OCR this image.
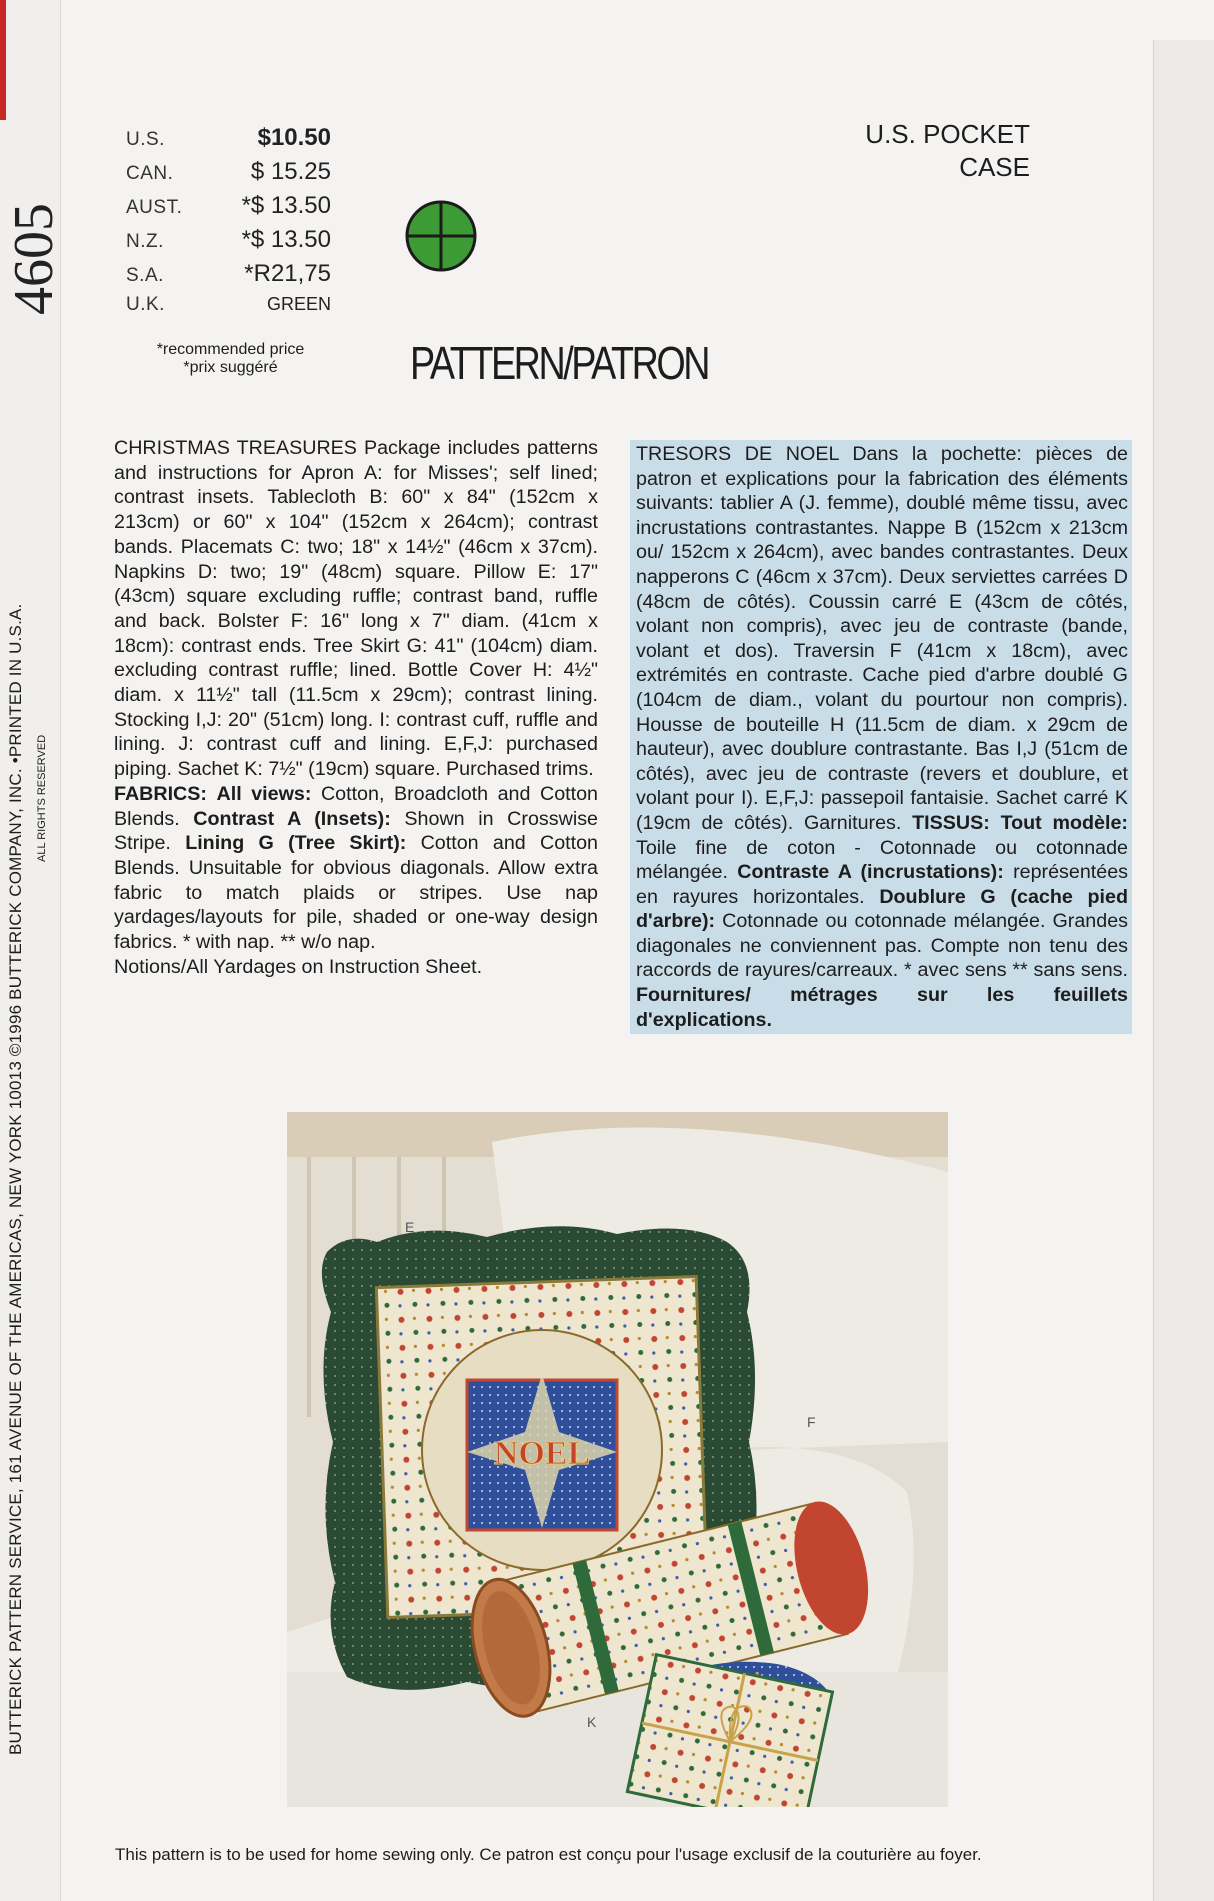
4605
BUTTERICK PATTERN SERVICE, 161 AVENUE OF THE AMERICAS, NEW YORK 10013 ©1996 BUTTERICK COMPANY, INC. •PRINTED IN U.S.A. ALL RIGHTS RESERVED
U.S.	$10.50
CAN.	$ 15.25
AUST. *$ 13.50
N.Z.	*$ 13.50
S.A.	*R21,75
U.K.	GREEN
*recommended price
*prix suggéré	PATTERN/PATRON
U.S. POCKET
CASE

CHRISTMAS TREASURES Package includes patterns and instructions for Apron A: for Misses'; self lined; contrast insets. Tablecloth B: 60" x 84" (152cm x 213cm) or 60" x 104" (152cm x 264cm); contrast bands. Placemats C: two; 18" x 14½" (46cm x 37cm). Napkins D: two; 19" (48cm) square. Pillow E: 17" (43cm) square excluding ruffle; contrast band, ruffle and back. Bolster F: 16" long x 7" diam. (41cm x 18cm): contrast ends. Tree Skirt G: 41" (104cm) diam. excluding contrast ruffle; lined. Bottle Cover H: 4½" diam. x 11½" tall (11.5cm x 29cm); contrast lining. Stocking I,J: 20" (51cm) long. I: contrast cuff, ruffle and lining. J: contrast cuff and lining. E,F,J: purchased piping. Sachet K: 7½" (19cm) square. Purchased trims.

FABRICS: All views: Cotton, Broadcloth and Cotton Blends. Contrast A (Insets): Shown in Crosswise Stripe. Lining G (Tree Skirt): Cotton and Cotton Blends. Unsuitable for obvious diagonals. Allow extra fabric to match plaids or stripes. Use nap yardages/layouts for pile, shaded or one-way design fabrics. * with nap. ** w/o nap.

Notions/All Yardages on Instruction Sheet.

TRESORS DE NOEL Dans la pochette: pièces de patron et explications pour la fabrication des éléments suivants: tablier A (J. femme), doublé même tissu, avec incrustations contrastantes. Nappe B (152cm x 213cm ou/ 152cm x 264cm), avec bandes contrastantes. Deux napperons C (46cm x 37cm). Deux serviettes carrées D (48cm de côtés). Coussin carré E (43cm de côtés, volant non compris), avec jeu de contraste (bande, volant et dos). Traversin F (41cm x 18cm), avec extrémités en contraste. Cache pied d'arbre doublé G (104cm de diam., volant du pourtour non compris). Housse de bouteille H (11.5cm de diam. x 29cm de hauteur), avec doublure contrastante. Bas I,J (51cm de côtés), avec jeu de contraste (revers et doublure, et volant pour I). E,F,J: passepoil fantaisie. Sachet carré K (19cm de côtés). Garnitures. TISSUS: Tout modèle: Toile fine de coton - Cotonnade ou cotonnade mélangée. Contraste A (incrustations): représentées en rayures horizontales. Doublure G (cache pied d'arbre): Cotonnade ou cotonnade mélangée. Grandes diagonales ne conviennent pas. Compte non tenu des raccords de rayures/carreaux. * avec sens ** sans sens. Fournitures/ métrages sur les feuillets d'explications.
NOEL
E
F
K
This pattern is to be used for home sewing only. Ce patron est conçu pour l'usage exclusif de la couturière au foyer.
